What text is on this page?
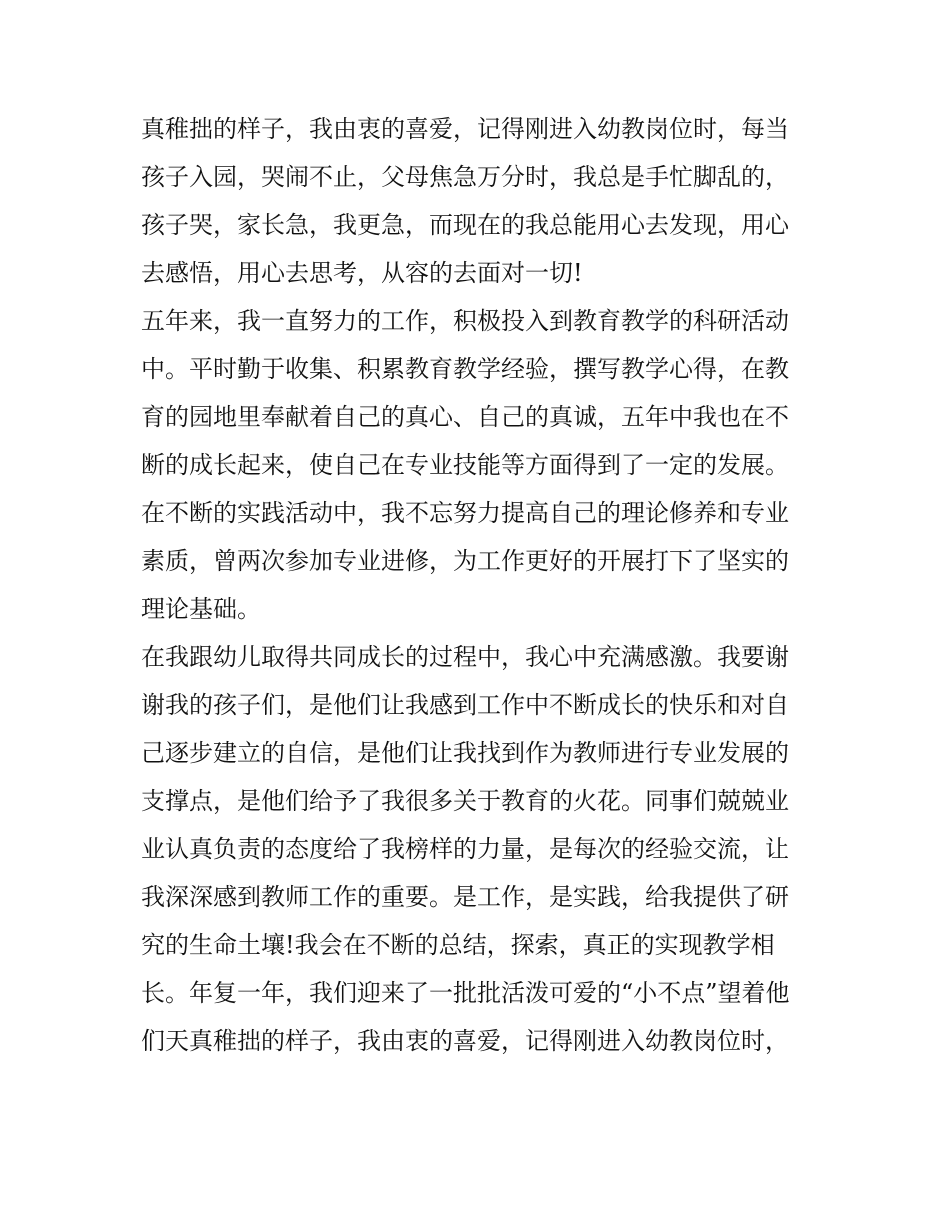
真稚拙的样子，我由衷的喜爱，记得刚进入幼教岗位时，每当

孩子入园，哭闹不止，父母焦急万分时，我总是手忙脚乱的，

孩子哭，家长急，我更急，而现在的我总能用心去发现，用心

去感悟，用心去思考，从容的去面对一切!

五年来，我一直努力的工作，积极投入到教育教学的科研活动

中。平时勤于收集、积累教育教学经验，撰写教学心得，在教

育的园地里奉献着自己的真心、自己的真诚，五年中我也在不

断的成长起来，使自己在专业技能等方面得到了一定的发展。

在不断的实践活动中，我不忘努力提高自己的理论修养和专业

素质，曾两次参加专业进修，为工作更好的开展打下了坚实的

理论基础。

在我跟幼儿取得共同成长的过程中，我心中充满感激。我要谢

谢我的孩子们，是他们让我感到工作中不断成长的快乐和对自

己逐步建立的自信，是他们让我找到作为教师进行专业发展的

支撑点，是他们给予了我很多关于教育的火花。同事们兢兢业

业认真负责的态度给了我榜样的力量，是每次的经验交流，让

我深深感到教师工作的重要。是工作，是实践，给我提供了研

究的生命土壤!我会在不断的总结，探索，真正的实现教学相

长。年复一年，我们迎来了一批批活泼可爱的“小不点”望着他

们天真稚拙的样子，我由衷的喜爱，记得刚进入幼教岗位时，
